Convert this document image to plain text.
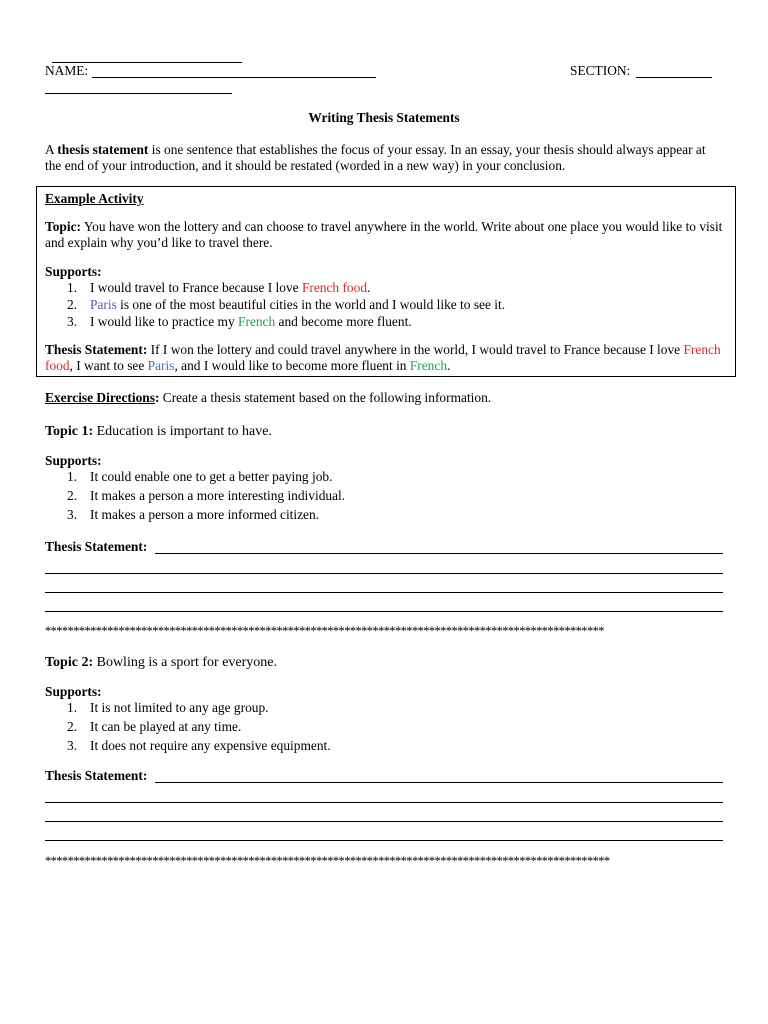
NAME:	SECTION:
Writing Thesis Statements
A thesis statement is one sentence that establishes the focus of your essay. In an essay, your thesis should always appear at the end of your introduction, and it should be restated (worded in a new way) in your conclusion.
Example Activity
Topic: You have won the lottery and can choose to travel anywhere in the world. Write about one place you would like to visit and explain why you’d like to travel there.
Supports:
1. I would travel to France because I love French food.
2. Paris is one of the most beautiful cities in the world and I would like to see it.
3. I would like to practice my French and become more fluent.
Thesis Statement: If I won the lottery and could travel anywhere in the world, I would travel to France because I love French food, I want to see Paris, and I would like to become more fluent in French.
Exercise Directions: Create a thesis statement based on the following information.
Topic 1: Education is important to have.
Supports:
1. It could enable one to get a better paying job.
2. It makes a person a more interesting individual.
3. It makes a person a more informed citizen.
Thesis Statement:
***************************************************************************************************
Topic 2: Bowling is a sport for everyone.
Supports:
1. It is not limited to any age group.
2. It can be played at any time.
3. It does not require any expensive equipment.
Thesis Statement:
****************************************************************************************************
